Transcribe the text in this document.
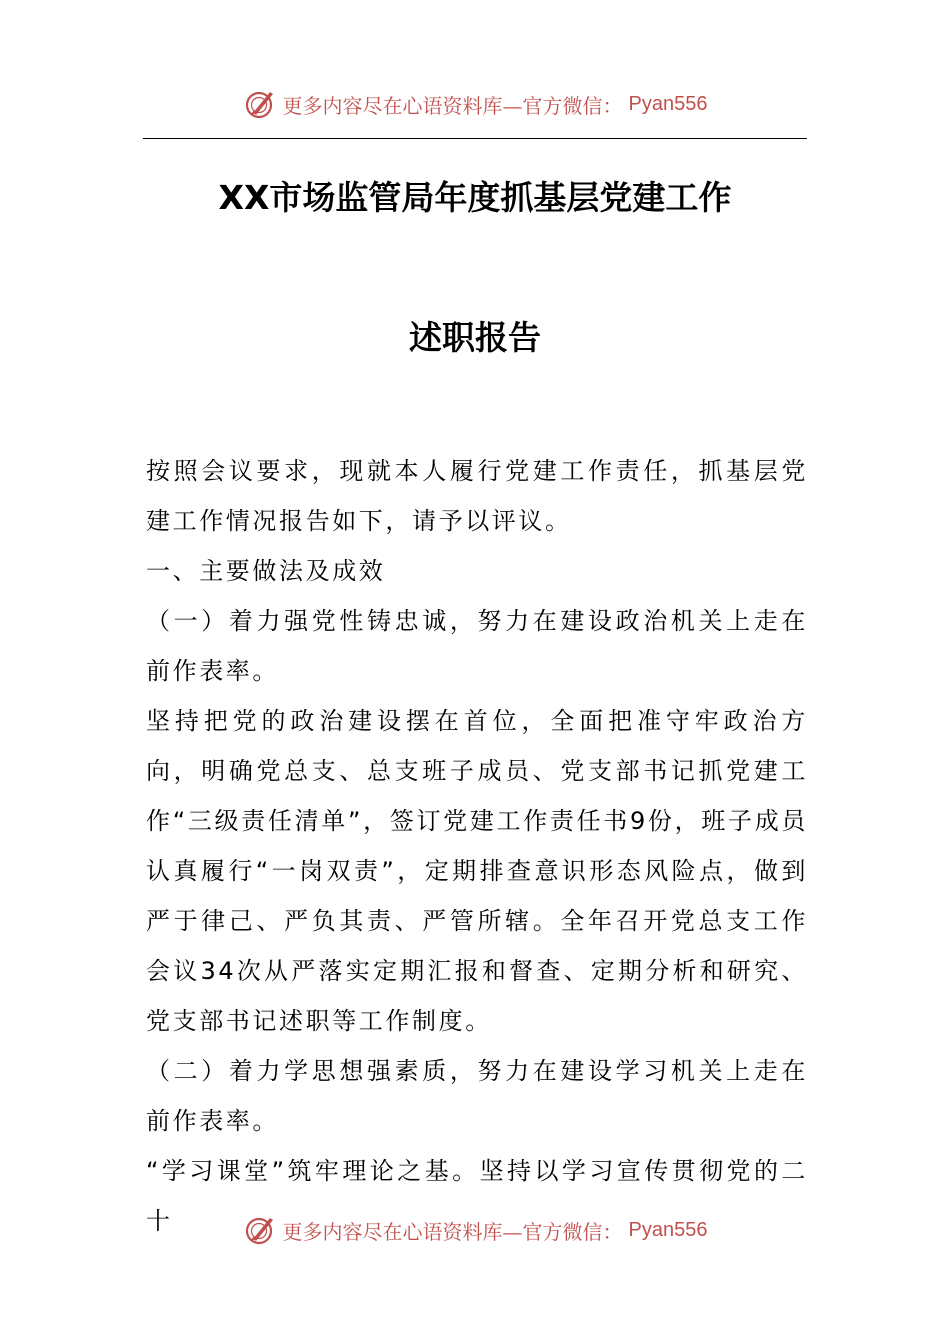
更多内容尽在心语资料库—官方微信： Pyan556
XX市场监管局年度抓基层党建工作
述职报告

按照会议要求，现就本人履行党建工作责任，抓基层党建工作情况报告如下，请予以评议。

一、主要做法及成效

（一）着力强党性铸忠诚，努力在建设政治机关上走在前作表率。

坚持把党的政治建设摆在首位，全面把准守牢政治方向，明确党总支、总支班子成员、党支部书记抓党建工作“三级责任清单”，签订党建工作责任书9份，班子成员认真履行“一岗双责”，定期排查意识形态风险点，做到严于律己、严负其责、严管所辖。全年召开党总支工作会议34次从严落实定期汇报和督查、定期分析和研究、党支部书记述职等工作制度。

（二）着力学思想强素质，努力在建设学习机关上走在前作表率。

“学习课堂”筑牢理论之基。坚持以学习宣传贯彻党的二十	更多内容尽在心语资料库—官方微信： Pyan556
